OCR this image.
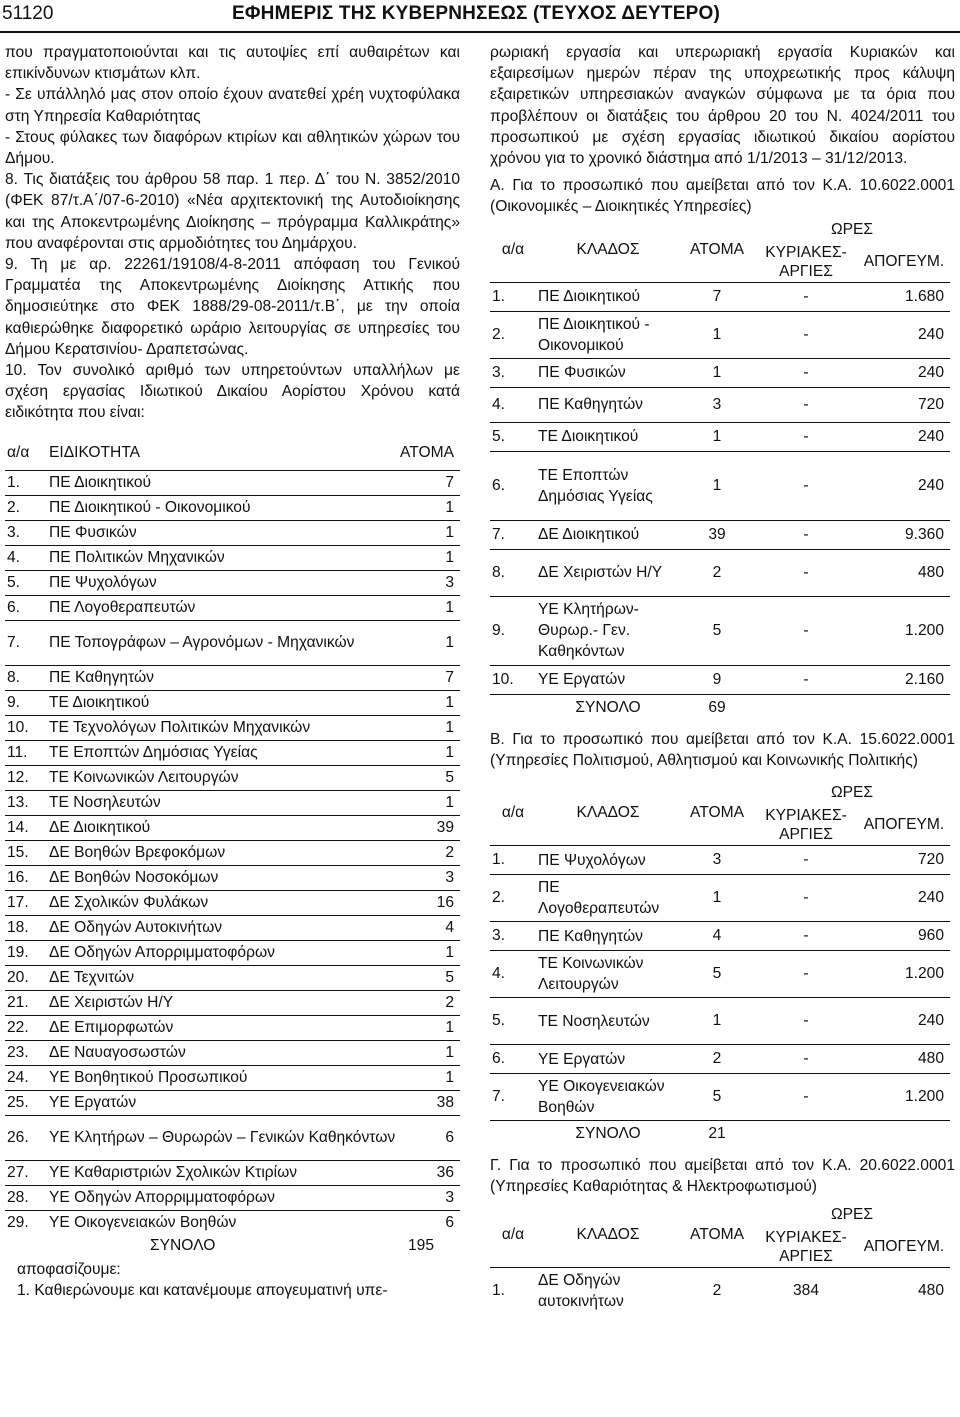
51120	ΕΦΗΜΕΡΙΣ ΤΗΣ ΚΥΒΕΡΝΗΣΕΩΣ (ΤΕΥΧΟΣ ΔΕΥΤΕΡΟ)

που πραγματοποιούνται και τις αυτοψίες επί αυθαιρέτων και επικίνδυνων κτισμάτων κλπ.

- Σε υπάλληλό μας στον οποίο έχουν ανατεθεί χρέη νυχτοφύλακα στη Υπηρεσία Καθαριότητας

- Στους φύλακες των διαφόρων κτιρίων και αθλητικών χώρων του Δήμου.

8. Τις διατάξεις του άρθρου 58 παρ. 1 περ. Δ΄ του Ν. 3852/2010 (ΦΕΚ 87/τ.Α΄/07-6-2010) «Νέα αρχιτεκτονική της Αυτοδιοίκησης και της Αποκεντρωμένης Διοίκησης – πρόγραμμα Καλλικράτης» που αναφέρονται στις αρμοδιότητες του Δημάρχου.

9. Τη με αρ. 22261/19108/4-8-2011 απόφαση του Γενικού Γραμματέα της Αποκεντρωμένης Διοίκησης Αττικής που δημοσιεύτηκε στο ΦΕΚ 1888/29-08-2011/τ.Β΄, με την οποία καθιερώθηκε διαφορετικό ωράριο λειτουργίας σε υπηρεσίες του Δήμου Κερατσινίου- Δραπετσώνας.

10. Τον συνολικό αριθμό των υπηρετούντων υπαλλήλων με σχέση εργασίας Ιδιωτικού Δικαίου Αορίστου Χρόνου κατά ειδικότητα που είναι:

α/α	ΕΙΔΙΚΟΤΗΤΑ	ΑΤΟΜΑ
1.	ΠΕ Διοικητικού	7
2.	ΠΕ Διοικητικού - Οικονομικού	1
3.	ΠΕ Φυσικών	1
4.	ΠΕ Πολιτικών Μηχανικών	1
5.	ΠΕ Ψυχολόγων	3
6.	ΠΕ Λογοθεραπευτών	1
7.	ΠΕ Τοπογράφων – Αγρονόμων - Μηχανικών	1
8.	ΠΕ Καθηγητών	7
9.	ΤΕ Διοικητικού	1
10.	ΤΕ Τεχνολόγων Πολιτικών Μηχανικών	1
11.	ΤΕ Εποπτών Δημόσιας Υγείας	1
12.	ΤΕ Κοινωνικών Λειτουργών	5
13.	ΤΕ Νοσηλευτών	1
14.	ΔΕ Διοικητικού	39
15.	ΔΕ Βοηθών Βρεφοκόμων	2
16.	ΔΕ Βοηθών Νοσοκόμων	3
17.	ΔΕ Σχολικών Φυλάκων	16
18.	ΔΕ Οδηγών Αυτοκινήτων	4
19.	ΔΕ Οδηγών Απορριμματοφόρων	1
20.	ΔΕ Τεχνιτών	5
21.	ΔΕ Χειριστών Η/Υ	2
22.	ΔΕ Επιμορφωτών	1
23.	ΔΕ Ναυαγοσωστών	1
24.	ΥΕ Βοηθητικού Προσωπικού	1
25.	ΥΕ Εργατών	38
26.	ΥΕ Κλητήρων – Θυρωρών – Γενικών Καθηκόντων	6
27.	ΥΕ Καθαριστριών Σχολικών Κτιρίων	36
28.	ΥΕ Οδηγών Απορριμματοφόρων	3
29.	ΥΕ Οικογενειακών Βοηθών	6
ΣΥΝΟΛΟ	195
αποφασίζουμε:
1. Καθιερώνουμε και κατανέμουμε απογευματινή υπε-

ρωριακή εργασία και υπερωριακή εργασία Κυριακών και εξαιρεσίμων ημερών πέραν της υποχρεωτικής προς κάλυψη εξαιρετικών υπηρεσιακών αναγκών σύμφωνα με τα όρια που προβλέπουν οι διατάξεις του άρθρου 20 του Ν. 4024/2011 του προσωπικού με σχέση εργασίας ιδιωτικού δικαίου αορίστου χρόνου για το χρονικό διάστημα από 1/1/2013 – 31/12/2013.

Α. Για το προσωπικό που αμείβεται από τον Κ.Α. 10.6022.0001 (Οικονομικές – Διοικητικές Υπηρεσίες)

α/α	ΚΛΑΔΟΣ	ΑΤΟΜΑ	ΩΡΕΣ	
			ΚΥΡΙΑΚΕΣ-ΑΡΓΙΕΣ	ΑΠΟΓΕΥΜ.
1.	ΠΕ Διοικητικού	7	-	1.680
2.	ΠΕ Διοικητικού - Οικονομικού	1	-	240
3.	ΠΕ Φυσικών	1	-	240
4.	ΠΕ Καθηγητών	3	-	720
5.	ΤΕ Διοικητικού	1	-	240
6.	ΤΕ Εποπτών Δημόσιας Υγείας	1	-	240
7.	ΔΕ Διοικητικού	39	-	9.360
8.	ΔΕ Χειριστών Η/Υ	2	-	480
9.	ΥΕ Κλητήρων-Θυρωρ.- Γεν. Καθηκόντων	5	-	1.200
10.	ΥΕ Εργατών	9	-	2.160
	ΣΥΝΟΛΟ	69		

Β. Για το προσωπικό που αμείβεται από τον Κ.Α. 15.6022.0001 (Υπηρεσίες Πολιτισμού, Αθλητισμού και Κοινωνικής Πολιτικής)

α/α	ΚΛΑΔΟΣ	ΑΤΟΜΑ	ΩΡΕΣ	
			ΚΥΡΙΑΚΕΣ-ΑΡΓΙΕΣ	ΑΠΟΓΕΥΜ.
1.	ΠΕ Ψυχολόγων	3	-	720
2.	ΠΕ Λογοθεραπευτών	1	-	240
3.	ΠΕ Καθηγητών	4	-	960
4.	ΤΕ Κοινωνικών Λειτουργών	5	-	1.200
5.	ΤΕ Νοσηλευτών	1	-	240
6.	ΥΕ Εργατών	2	-	480
7.	ΥΕ Οικογενειακών Βοηθών	5	-	1.200
	ΣΥΝΟΛΟ	21		

Γ. Για το προσωπικό που αμείβεται από τον Κ.Α. 20.6022.0001 (Υπηρεσίες Καθαριότητας & Ηλεκτροφωτισμού)

α/α	ΚΛΑΔΟΣ	ΑΤΟΜΑ	ΩΡΕΣ	
			ΚΥΡΙΑΚΕΣ-ΑΡΓΙΕΣ	ΑΠΟΓΕΥΜ.
1.	ΔΕ Οδηγών αυτοκινήτων	2	384	480
